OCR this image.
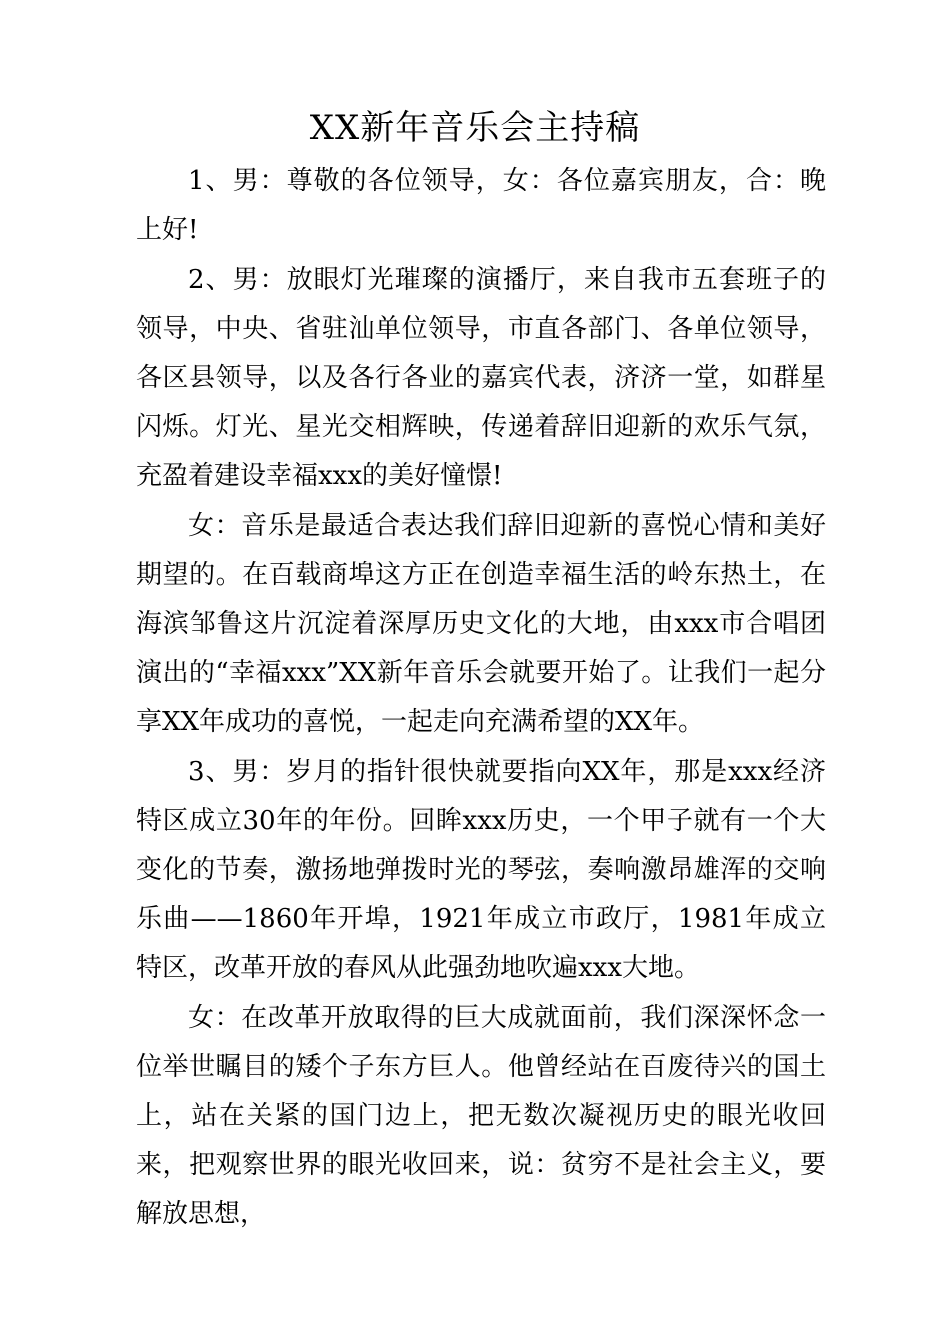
XX新年音乐会主持稿

1、男：尊敬的各位领导，女：各位嘉宾朋友，合：晚上好!

2、男：放眼灯光璀璨的演播厅，来自我市五套班子的领导，中央、省驻汕单位领导，市直各部门、各单位领导，各区县领导，以及各行各业的嘉宾代表，济济一堂，如群星闪烁。灯光、星光交相辉映，传递着辞旧迎新的欢乐气氛，充盈着建设幸福xxx的美好憧憬!

女：音乐是最适合表达我们辞旧迎新的喜悦心情和美好期望的。在百载商埠这方正在创造幸福生活的岭东热土，在海滨邹鲁这片沉淀着深厚历史文化的大地，由xxx市合唱团演出的“幸福xxx”XX新年音乐会就要开始了。让我们一起分享XX年成功的喜悦，一起走向充满希望的XX年。

3、男：岁月的指针很快就要指向XX年，那是xxx经济特区成立30年的年份。回眸xxx历史，一个甲子就有一个大变化的节奏，激扬地弹拨时光的琴弦，奏响激昂雄浑的交响乐曲——1860年开埠，1921年成立市政厅，1981年成立特区，改革开放的春风从此强劲地吹遍xxx大地。

女：在改革开放取得的巨大成就面前，我们深深怀念一位举世瞩目的矮个子东方巨人。他曾经站在百废待兴的国土上，站在关紧的国门边上，把无数次凝视历史的眼光收回来，把观察世界的眼光收回来，说：贫穷不是社会主义，要解放思想，
